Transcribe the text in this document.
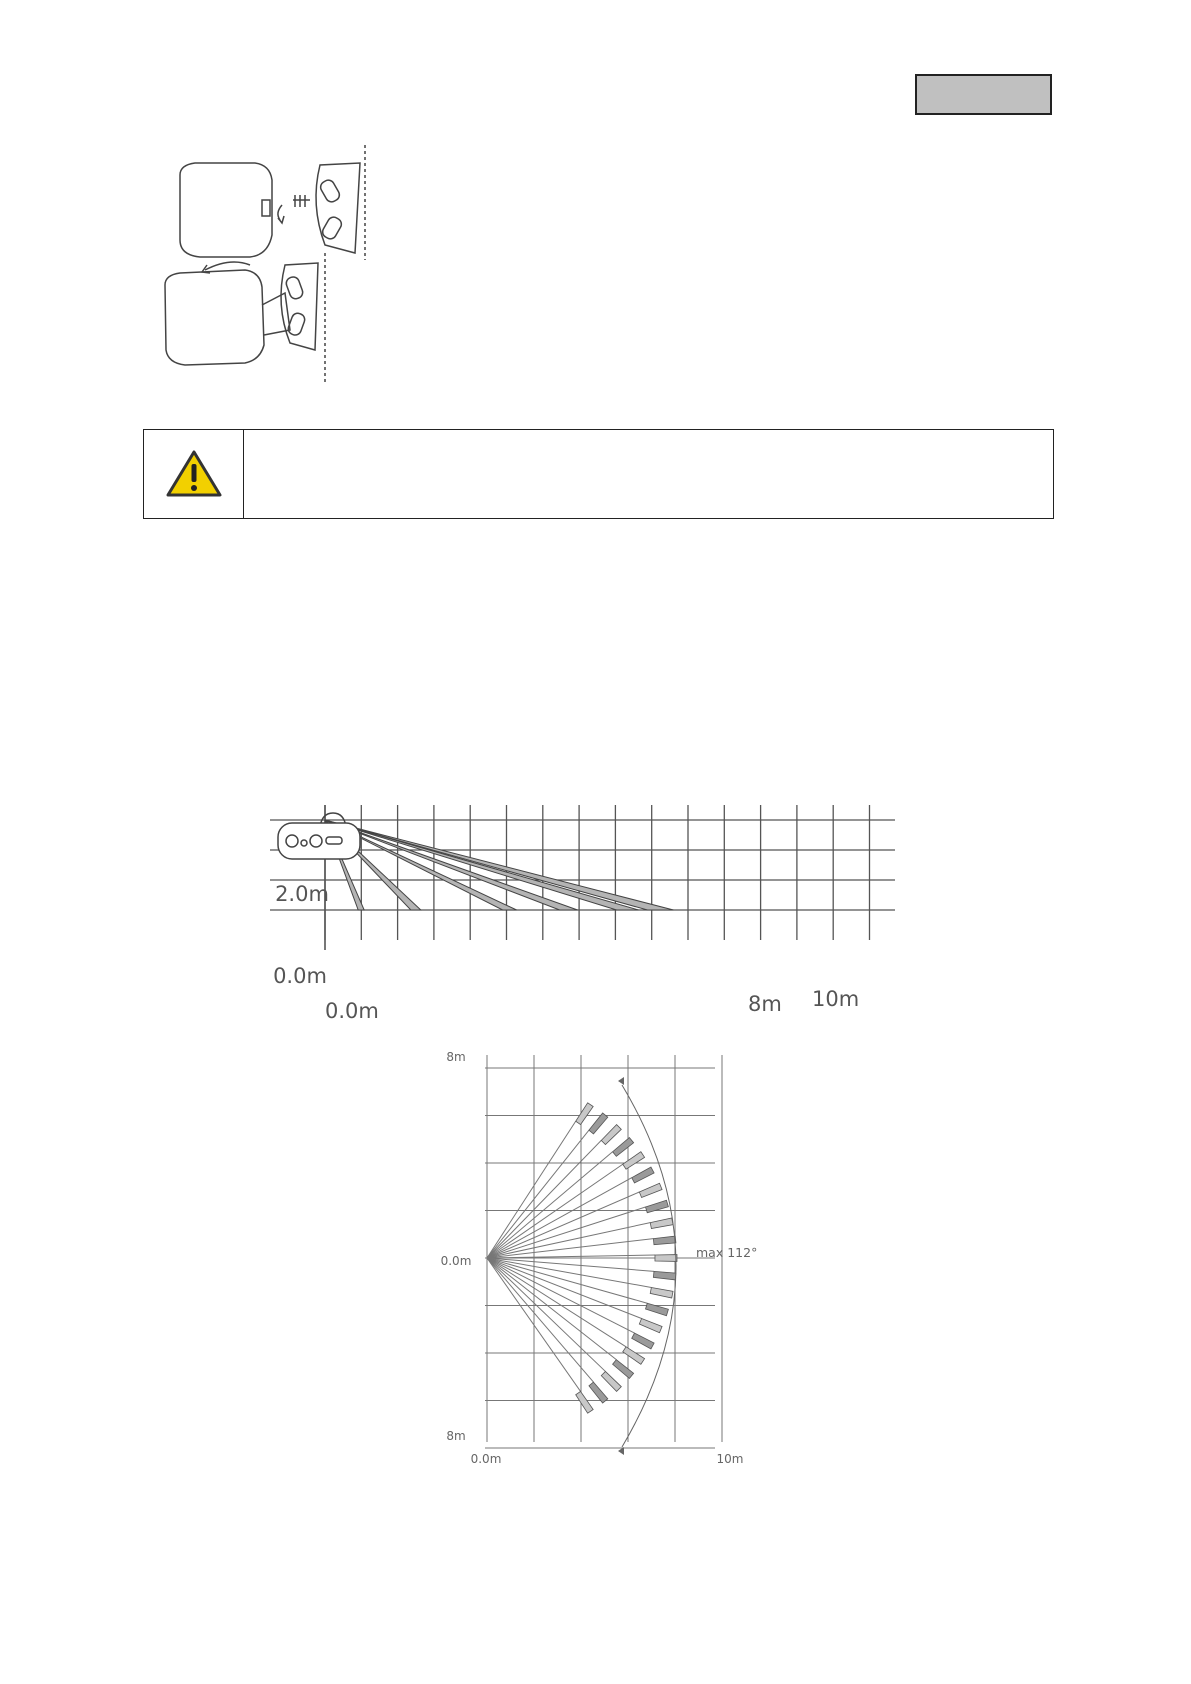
2.0m
0.0m
0.0m	8m 10m
max 112°
8m
0.0m
8m
0.0m	10m
